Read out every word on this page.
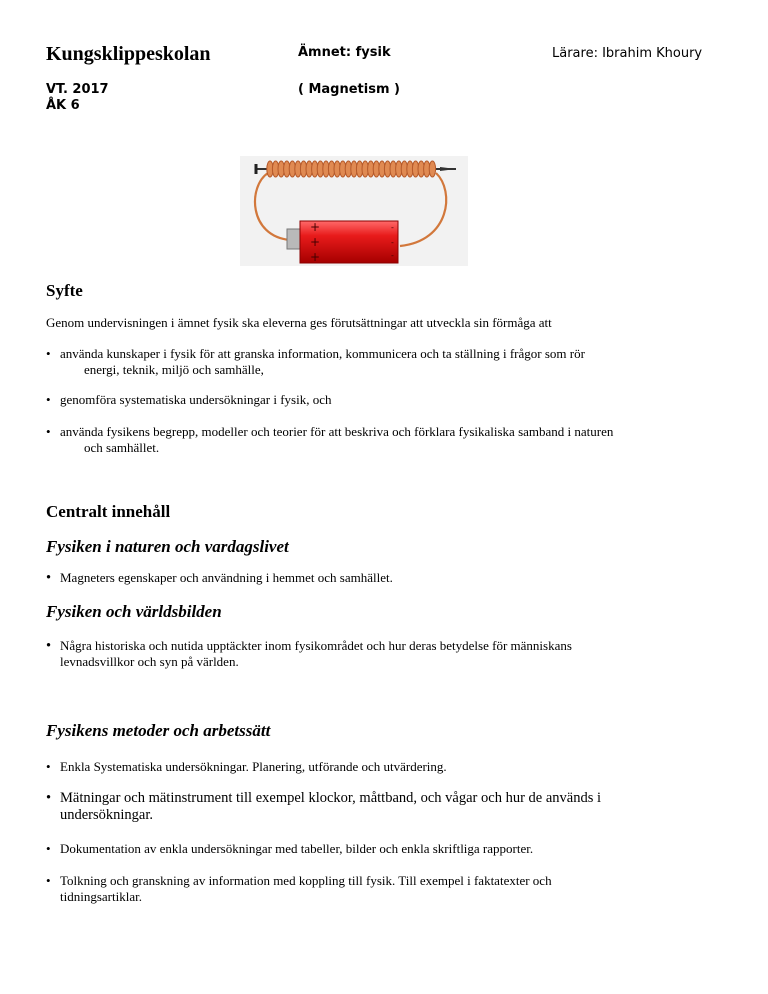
Kungsklippeskolan	Ämnet: fysik	Lärare: Ibrahim Khoury
VT. 2017
ÅK 6
( Magnetism )
+
+
+
-
-
-
Syfte
Genom undervisningen i ämnet fysik ska eleverna ges förutsättningar att utveckla sin förmåga att
• använda kunskaper i fysik för att granska information, kommunicera och ta ställning i frågor som rör
energi, teknik, miljö och samhälle,
• genomföra systematiska undersökningar i fysik, och
• använda fysikens begrepp, modeller och teorier för att beskriva och förklara fysikaliska samband i naturen
och samhället.
Centralt innehåll
Fysiken i naturen och vardagslivet
• Magneters egenskaper och användning i hemmet och samhället.
Fysiken och världsbilden
• Några historiska och nutida upptäckter inom fysikområdet och hur deras betydelse för människans
levnadsvillkor och syn på världen.
Fysikens metoder och arbetssätt
• Enkla Systematiska undersökningar. Planering, utförande och utvärdering.
• Mätningar och mätinstrument till exempel klockor, måttband, och vågar och hur de används i
undersökningar.
• Dokumentation av enkla undersökningar med tabeller, bilder och enkla skriftliga rapporter.
• Tolkning och granskning av information med koppling till fysik. Till exempel i faktatexter och
tidningsartiklar.
